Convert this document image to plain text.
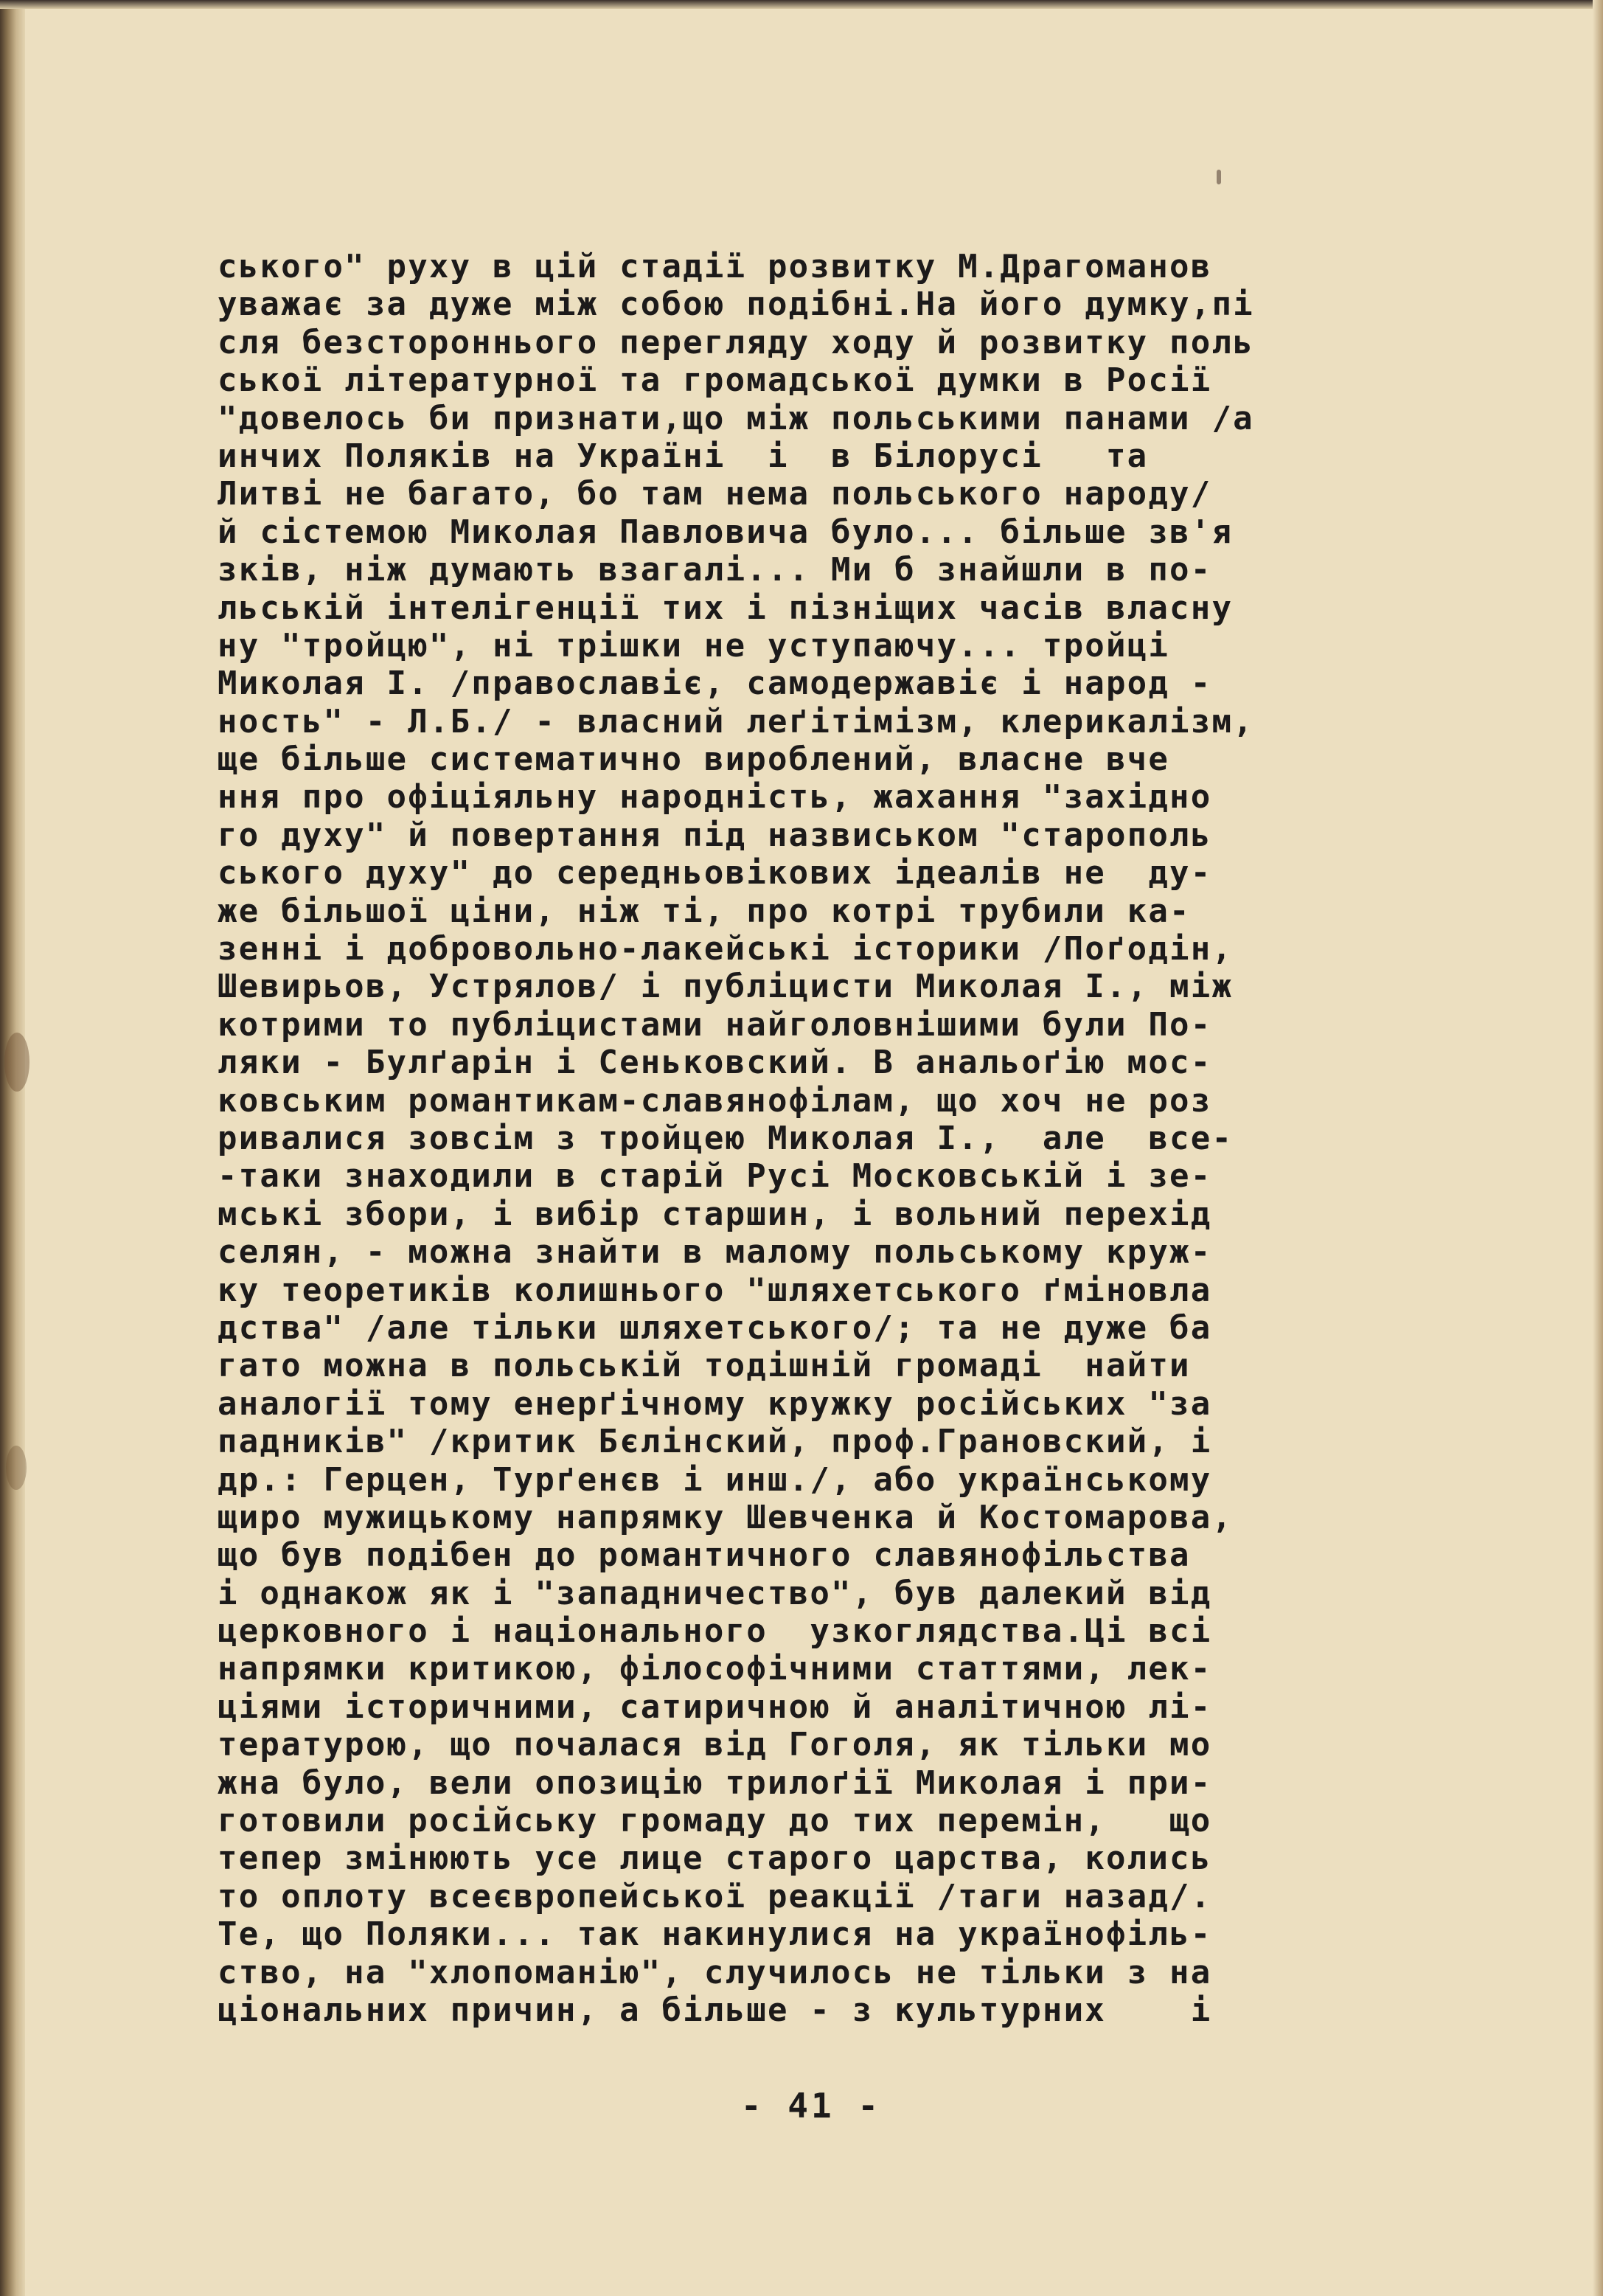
ського" руху в цій стадії розвитку М.Драгоманов
уважає за дуже між собою подібні.На його думку,пі
сля безстороннього перегляду ходу й розвитку поль
ської літературної та громадської думки в Росії
"довелось би признати,що між польськими панами /а
инчих Поляків на Україні  і  в Білорусі   та
Литві не багато, бо там нема польського народу/
й сістемою Миколая Павловича було... більше зв'я
зків, ніж думають взагалі... Ми б знайшли в по-
льській інтелігенції тих і пізніщих часів власну
ну "тройцю", ні трішки не уступаючу... тройці
Миколая I. /православіє, самодержавіє і народ -
ность" - Л.Б./ - власний леґітімізм, клерикалізм,
ще більше систематично вироблений, власне вче
ння про офіціяльну народність, жахання "західно
го духу" й повертання під назвиськом "старополь
ського духу" до середньовікових ідеалів не  ду-
же більшої ціни, ніж ті, про котрі трубили ка-
зенні і добровольно-лакейські історики /Поґодін,
Шевирьов, Устрялов/ і публіцисти Миколая I., між
котрими то публіцистами найголовнішими були По-
ляки - Булґарін і Сеньковский. В анальоґію мос-
ковським романтикам-славянофілам, що хоч не роз
ривалися зовсім з тройцею Миколая I.,  але  все-
-таки знаходили в старій Русі Московській і зе-
мські збори, і вибір старшин, і вольний перехід
селян, - можна знайти в малому польському круж-
ку теоретиків колишнього "шляхетського ґміновла
дства" /але тільки шляхетського/; та не дуже ба
гато можна в польській тодішній громаді  найти
аналогії тому енерґічному кружку російських "за
падників" /критик Бєлінский, проф.Грановский, і
др.: Герцен, Турґенєв і инш./, або українському
щиро мужицькому напрямку Шевченка й Костомарова,
що був подібен до романтичного славянофільства
і однакож як і "западничество", був далекий від
церковного і національного  узкоглядства.Ці всі
напрямки критикою, філософічними статтями, лек-
ціями історичними, сатиричною й аналітичною лі-
тературою, що почалася від Гоголя, як тільки мо
жна було, вели опозицію трилоґії Миколая і при-
готовили російську громаду до тих перемін,   що
тепер змінюють усе лице старого царства, колись
то оплоту всеєвропейської реакції /таги назад/.
Те, що Поляки... так накинулися на українофіль-
ство, на "хлопоманію", случилось не тільки з на
ціональних причин, а більше - з культурних    і
- 41 -
